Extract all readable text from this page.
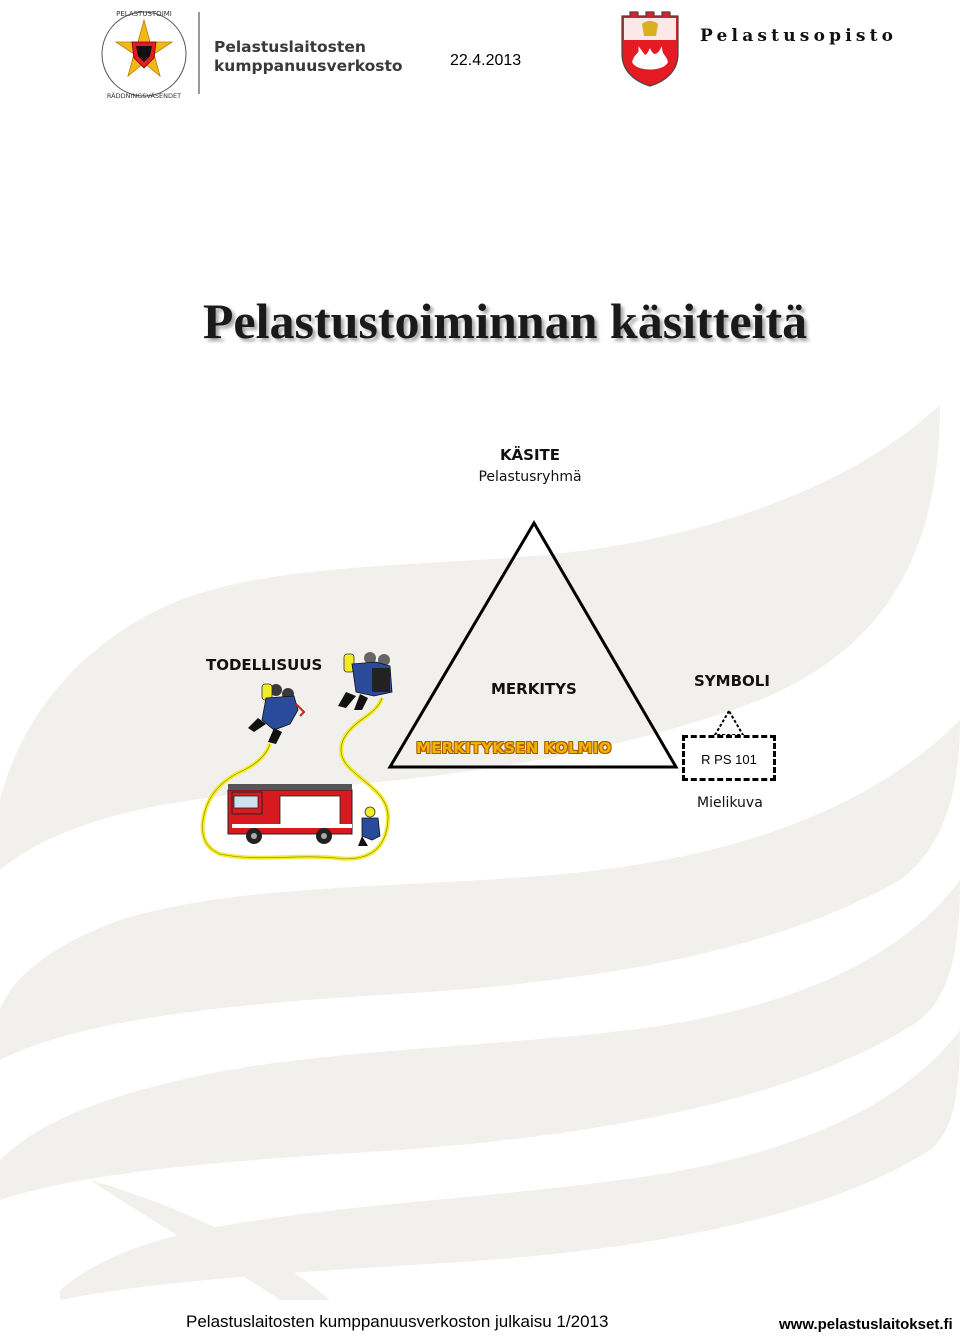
PELASTUSTOIMI
RÄDDNINGSVÄSENDET
Pelastuslaitosten
kumppanuusverkosto	22.4.2013
Pelastusopisto
Pelastustoiminnan käsitteitä
KÄSITE
Pelastusryhmä
TODELLISUUS
MERKITYS	SYMBOLI
MERKITYKSEN KOLMIO
R PS 101
Mielikuva
R PS 101
Pelastuslaitosten kumppanuusverkoston julkaisu 1/2013	www.pelastuslaitokset.fi
